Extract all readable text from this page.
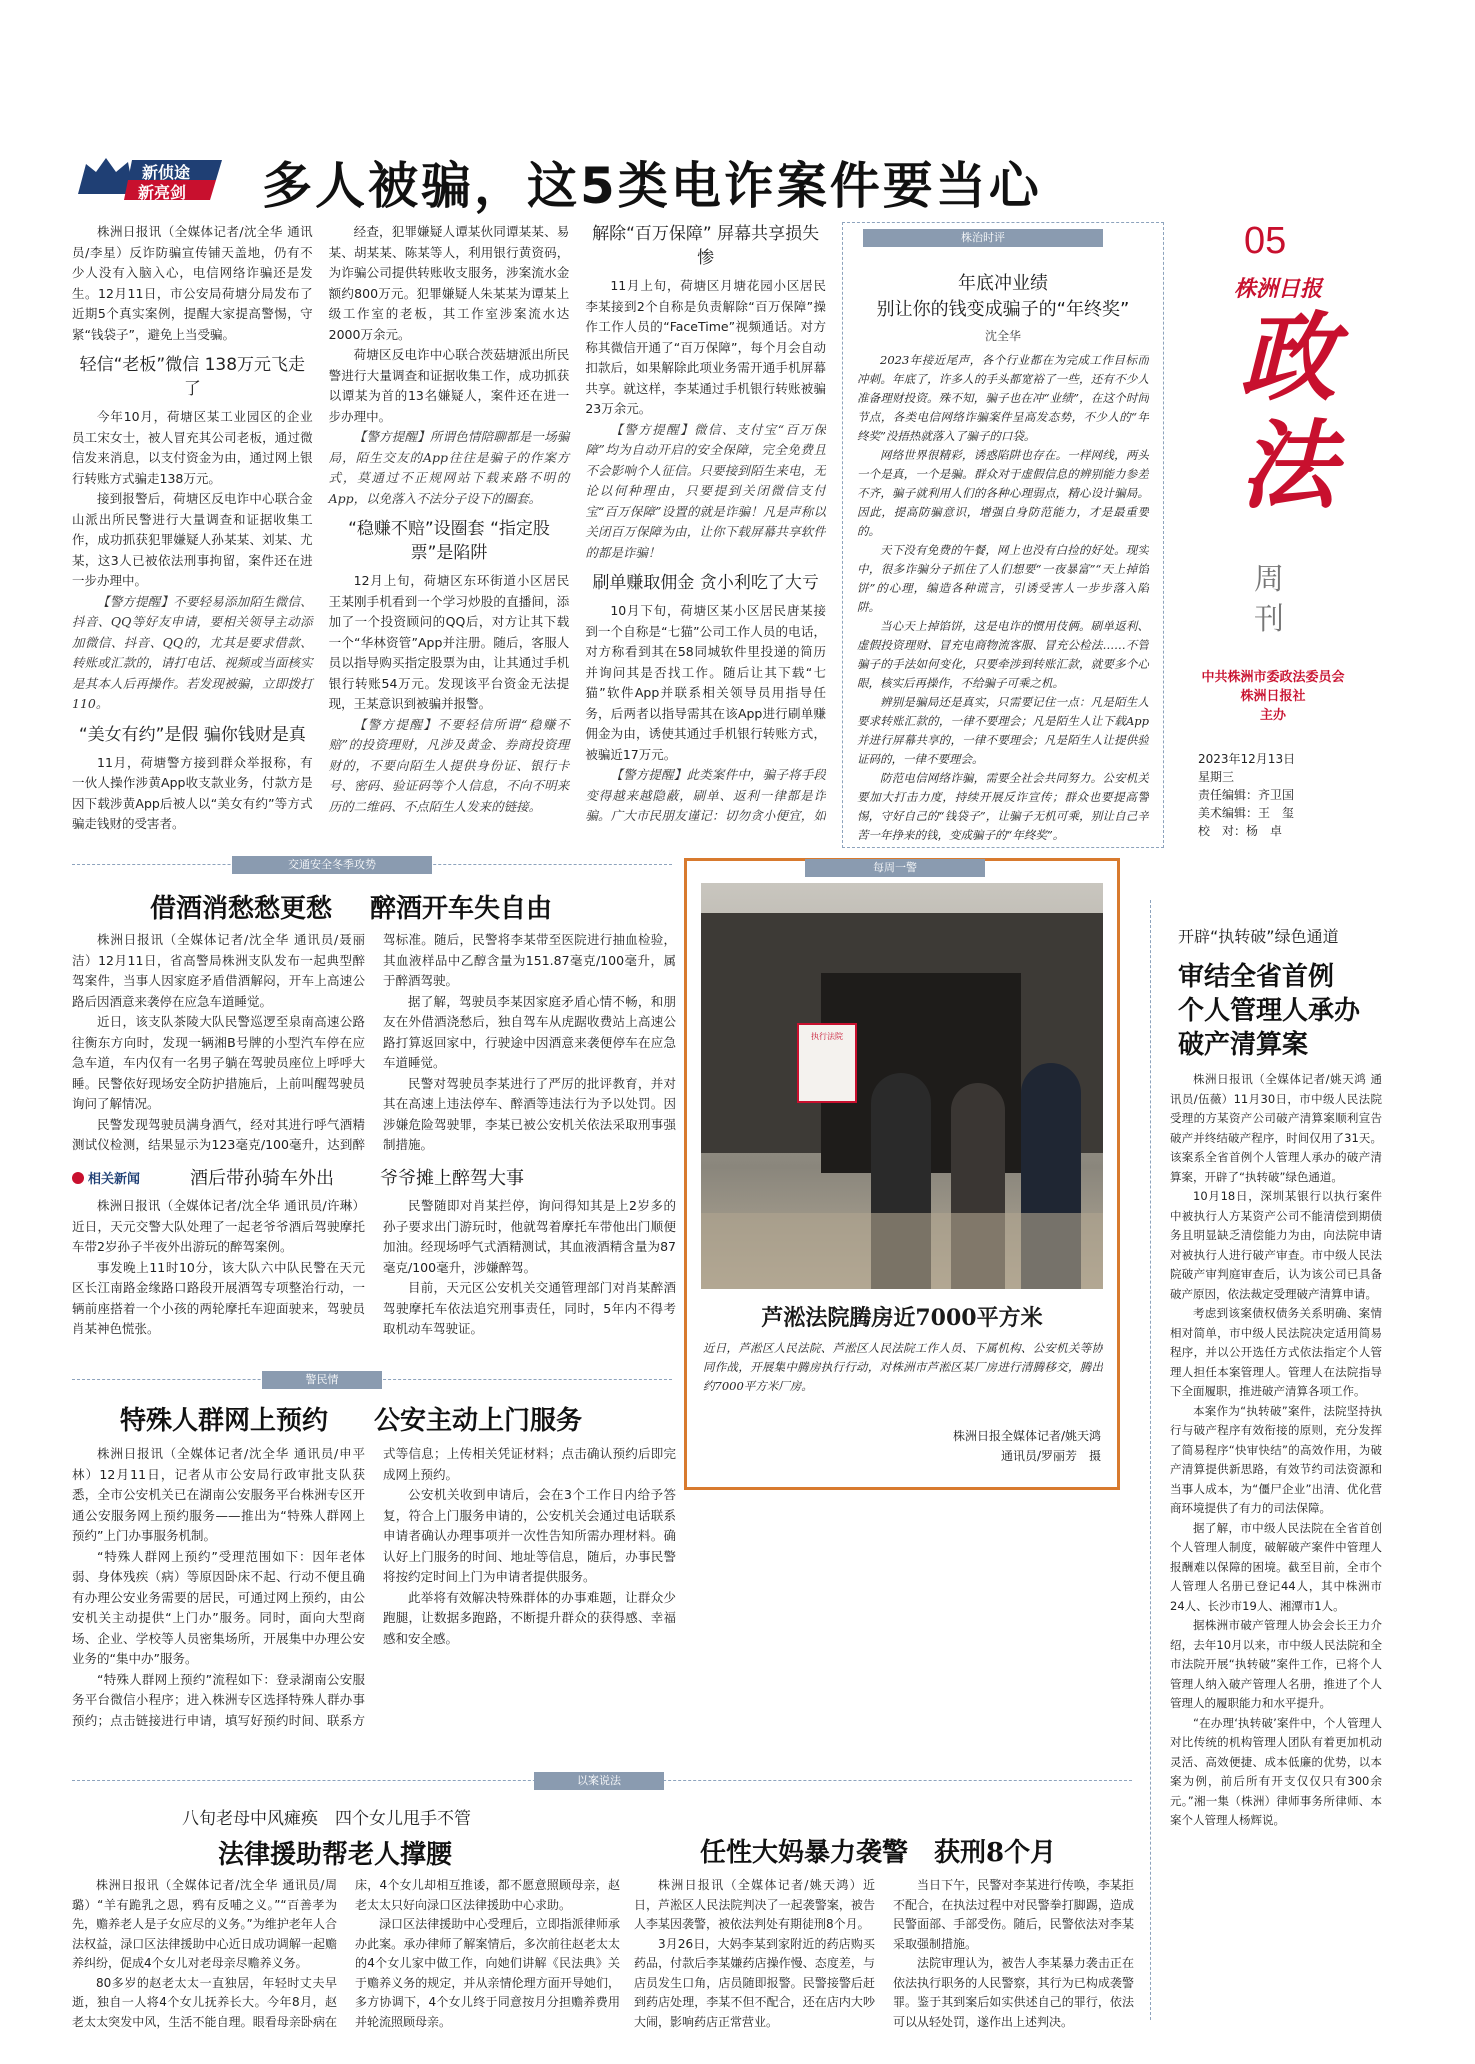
新侦途
新亮剑 多人被骗，这5类电诈案件要当心
05
株洲日报
政法
周刊
中共株洲市委政法委员会
株洲日报社
主办
2023年12月13日
星期三
责任编辑：齐卫国
美术编辑：王　玺
校　对：杨　卓

株洲日报讯（全媒体记者/沈全华 通讯员/李星）反诈防骗宣传铺天盖地，仍有不少人没有入脑入心，电信网络诈骗还是发生。12月11日，市公安局荷塘分局发布了近期5个真实案例，提醒大家提高警惕，守紧“钱袋子”，避免上当受骗。

轻信“老板”微信 138万元飞走了

今年10月，荷塘区某工业园区的企业员工宋女士，被人冒充其公司老板，通过微信发来消息，以支付资金为由，通过网上银行转账方式骗走138万元。

接到报警后，荷塘区反电诈中心联合金山派出所民警进行大量调查和证据收集工作，成功抓获犯罪嫌疑人孙某某、刘某、尤某，这3人已被依法刑事拘留，案件还在进一步办理中。

【警方提醒】不要轻易添加陌生微信、抖音、QQ等好友申请，要相关领导主动添加微信、抖音、QQ的，尤其是要求借款、转账或汇款的，请打电话、视频或当面核实是其本人后再操作。若发现被骗，立即拨打110。

“美女有约”是假 骗你钱财是真

11月，荷塘警方接到群众举报称，有一伙人操作涉黄App收支款业务，付款方是因下载涉黄App后被人以“美女有约”等方式骗走钱财的受害者。

经查，犯罪嫌疑人谭某伙同谭某某、易某、胡某某、陈某等人，利用银行黄资码，为诈骗公司提供转账收支服务，涉案流水金额约800万元。犯罪嫌疑人朱某某为谭某上级工作室的老板，其工作室涉案流水达2000万余元。

荷塘区反电诈中心联合茨菇塘派出所民警进行大量调查和证据收集工作，成功抓获以谭某为首的13名嫌疑人，案件还在进一步办理中。

【警方提醒】所谓色情陪聊都是一场骗局，陌生交友的App往往是骗子的作案方式，莫通过不正规网站下载来路不明的App，以免落入不法分子设下的圈套。

“稳赚不赔”设圈套 “指定股票”是陷阱

12月上旬，荷塘区东环街道小区居民王某刚手机看到一个学习炒股的直播间，添加了一个投资顾问的QQ后，对方让其下载一个“华林资管”App并注册。随后，客服人员以指导购买指定股票为由，让其通过手机银行转账54万元。发现该平台资金无法提现，王某意识到被骗并报警。

【警方提醒】不要轻信所谓“稳赚不赔”的投资理财，凡涉及黄金、券商投资理财的，不要向陌生人提供身份证、银行卡号、密码、验证码等个人信息，不向不明来历的二维码、不点陌生人发来的链接。

解除“百万保障” 屏幕共享损失惨

11月上旬，荷塘区月塘花园小区居民李某接到2个自称是负责解除“百万保障”操作工作人员的“FaceTime”视频通话。对方称其微信开通了“百万保障”，每个月会自动扣款后，如果解除此项业务需开通手机屏幕共享。就这样，李某通过手机银行转账被骗23万余元。

【警方提醒】微信、支付宝“百万保障”均为自动开启的安全保障，完全免费且不会影响个人征信。只要接到陌生来电，无论以何种理由，只要提到关闭微信支付宝“百万保障”设置的就是诈骗！凡是声称以关闭百万保障为由，让你下载屏幕共享软件的都是诈骗！

刷单赚取佣金 贪小利吃了大亏

10月下旬，荷塘区某小区居民唐某接到一个自称是“七猫”公司工作人员的电话，对方称看到其在58同城软件里投递的简历并询问其是否找工作。随后让其下载“七猫”软件App并联系相关领导员用指导任务，后两者以指导需其在该App进行刷单赚佣金为由，诱使其通过手机银行转账方式，被骗近17万元。

【警方提醒】此类案件中，骗子将手段变得越来越隐蔽，刷单、返利一律都是诈骗。广大市民朋友谨记：切勿贪小便宜，如

株治时评
年底冲业绩
别让你的钱变成骗子的“年终奖”
沈全华

2023年接近尾声，各个行业都在为完成工作目标而冲刺。年底了，许多人的手头都宽裕了一些，还有不少人准备理财投资。殊不知，骗子也在冲“业绩”，在这个时间节点，各类电信网络诈骗案件呈高发态势，不少人的“年终奖”没捂热就落入了骗子的口袋。

网络世界很精彩，诱惑陷阱也存在。一样网线，两头一个是真，一个是骗。群众对于虚假信息的辨别能力参差不齐，骗子就利用人们的各种心理弱点，精心设计骗局。因此，提高防骗意识，增强自身防范能力，才是最重要的。

天下没有免费的午餐，网上也没有白捡的好处。现实中，很多诈骗分子抓住了人们想要“一夜暴富”“天上掉馅饼”的心理，编造各种谎言，引诱受害人一步步落入陷阱。

当心天上掉馅饼，这是电诈的惯用伎俩。刷单返利、虚假投资理财、冒充电商物流客服、冒充公检法……不管骗子的手法如何变化，只要牵涉到转账汇款，就要多个心眼，核实后再操作，不给骗子可乘之机。

辨别是骗局还是真实，只需要记住一点：凡是陌生人要求转账汇款的，一律不要理会；凡是陌生人让下载App并进行屏幕共享的，一律不要理会；凡是陌生人让提供验证码的，一律不要理会。

防范电信网络诈骗，需要全社会共同努力。公安机关要加大打击力度，持续开展反诈宣传；群众也要提高警惕，守好自己的“钱袋子”，让骗子无机可乘，别让自己辛苦一年挣来的钱，变成骗子的“年终奖”。

交通安全冬季攻势
借酒消愁愁更愁 醉酒开车失自由

株洲日报讯（全媒体记者/沈全华 通讯员/聂丽洁）12月11日，省高警局株洲支队发布一起典型醉驾案件，当事人因家庭矛盾借酒解闷，开车上高速公路后因酒意来袭停在应急车道睡觉。

近日，该支队茶陵大队民警巡逻至泉南高速公路往衡东方向时，发现一辆湘B号牌的小型汽车停在应急车道，车内仅有一名男子躺在驾驶员座位上呼呼大睡。民警依好现场安全防护措施后，上前叫醒驾驶员询问了解情况。

民警发现驾驶员满身酒气，经对其进行呼气酒精测试仪检测，结果显示为123毫克/100毫升，达到醉驾标准。随后，民警将李某带至医院进行抽血检验，其血液样品中乙醇含量为151.87毫克/100毫升，属于醉酒驾驶。

据了解，驾驶员李某因家庭矛盾心情不畅，和朋友在外借酒浇愁后，独自驾车从虎踞收费站上高速公路打算返回家中，行驶途中因酒意来袭便停车在应急车道睡觉。

民警对驾驶员李某进行了严厉的批评教育，并对其在高速上违法停车、醉酒等违法行为予以处罚。因涉嫌危险驾驶罪，李某已被公安机关依法采取刑事强制措施。

相关新闻	酒后带孙骑车外出	爷爷摊上醉驾大事

株洲日报讯（全媒体记者/沈全华 通讯员/许琳）近日，天元交警大队处理了一起老爷爷酒后驾驶摩托车带2岁孙子半夜外出游玩的醉驾案例。

事发晚上11时10分，该大队六中队民警在天元区长江南路金缘路口路段开展酒驾专项整治行动，一辆前座搭着一个小孩的两轮摩托车迎面驶来，驾驶员肖某神色慌张。

民警随即对肖某拦停，询问得知其是上2岁多的孙子要求出门游玩时，他就驾着摩托车带他出门顺便加油。经现场呼气式酒精测试，其血液酒精含量为87毫克/100毫升，涉嫌醉驾。

目前，天元区公安机关交通管理部门对肖某醉酒驾驶摩托车依法追究刑事责任，同时，5年内不得考取机动车驾驶证。

每周一警
执行法院
芦淞法院腾房近7000平方米
近日，芦淞区人民法院、芦淞区人民法院工作人员、下属机构、公安机关等协同作战，开展集中腾房执行行动，对株洲市芦淞区某厂房进行清腾移交，腾出约7000平方米厂房。
株洲日报全媒体记者/姚天鸿
通讯员/罗丽芳　摄
警民情
特殊人群网上预约 公安主动上门服务

株洲日报讯（全媒体记者/沈全华 通讯员/申平林）12月11日，记者从市公安局行政审批支队获悉，全市公安机关已在湖南公安服务平台株洲专区开通公安服务网上预约服务——推出为“特殊人群网上预约”上门办事服务机制。

“特殊人群网上预约”受理范围如下：因年老体弱、身体残疾（病）等原因卧床不起、行动不便且确有办理公安业务需要的居民，可通过网上预约，由公安机关主动提供“上门办”服务。同时，面向大型商场、企业、学校等人员密集场所，开展集中办理公安业务的“集中办”服务。

“特殊人群网上预约”流程如下：登录湖南公安服务平台微信小程序；进入株洲专区选择特殊人群办事预约；点击链接进行申请，填写好预约时间、联系方式等信息；上传相关凭证材料；点击确认预约后即完成网上预约。

公安机关收到申请后，会在3个工作日内给予答复，符合上门服务申请的，公安机关会通过电话联系申请者确认办理事项并一次性告知所需办理材料。确认好上门服务的时间、地址等信息，随后，办事民警将按约定时间上门为申请者提供服务。

此举将有效解决特殊群体的办事难题，让群众少跑腿，让数据多跑路，不断提升群众的获得感、幸福感和安全感。

开辟“执转破”绿色通道
审结全省首例
个人管理人承办
破产清算案

株洲日报讯（全媒体记者/姚天鸿 通讯员/伍薇）11月30日，市中级人民法院受理的方某资产公司破产清算案顺利宣告破产并终结破产程序，时间仅用了31天。该案系全省首例个人管理人承办的破产清算案，开辟了“执转破”绿色通道。

10月18日，深圳某银行以执行案件中被执行人方某资产公司不能清偿到期债务且明显缺乏清偿能力为由，向法院申请对被执行人进行破产审查。市中级人民法院破产审判庭审查后，认为该公司已具备破产原因，依法裁定受理破产清算申请。

考虑到该案债权债务关系明确、案情相对简单，市中级人民法院决定适用简易程序，并以公开选任方式依法指定个人管理人担任本案管理人。管理人在法院指导下全面履职，推进破产清算各项工作。

本案作为“执转破”案件，法院坚持执行与破产程序有效衔接的原则，充分发挥了简易程序“快审快结”的高效作用，为破产清算提供新思路，有效节约司法资源和当事人成本，为“僵尸企业”出清、优化营商环境提供了有力的司法保障。

据了解，市中级人民法院在全省首创个人管理人制度，破解破产案件中管理人报酬难以保障的困境。截至目前，全市个人管理人名册已登记44人，其中株洲市24人、长沙市19人、湘潭市1人。

据株洲市破产管理人协会会长王力介绍，去年10月以来，市中级人民法院和全市法院开展“执转破”案件工作，已将个人管理人纳入破产管理人名册，推进了个人管理人的履职能力和水平提升。

“在办理‘执转破’案件中，个人管理人对比传统的机构管理人团队有着更加机动灵活、高效便捷、成本低廉的优势，以本案为例，前后所有开支仅仅只有300余元。”湘一集（株洲）律师事务所律师、本案个人管理人杨辉说。

以案说法
八旬老母中风瘫痪　四个女儿甩手不管
法律援助帮老人撑腰

株洲日报讯（全媒体记者/沈全华 通讯员/周璐）“羊有跪乳之恩，鸦有反哺之义。”“百善孝为先，赡养老人是子女应尽的义务。”为维护老年人合法权益，渌口区法律援助中心近日成功调解一起赡养纠纷，促成4个女儿对老母亲尽赡养义务。

80多岁的赵老太太一直独居，年轻时丈夫早逝，独自一人将4个女儿抚养长大。今年8月，赵老太太突发中风，生活不能自理。眼看母亲卧病在床，4个女儿却相互推诿，都不愿意照顾母亲，赵老太太只好向渌口区法律援助中心求助。

渌口区法律援助中心受理后，立即指派律师承办此案。承办律师了解案情后，多次前往赵老太太的4个女儿家中做工作，向她们讲解《民法典》关于赡养义务的规定，并从亲情伦理方面开导她们，多方协调下，4个女儿终于同意按月分担赡养费用并轮流照顾母亲。

任性大妈暴力袭警　获刑8个月

株洲日报讯（全媒体记者/姚天鸿）近日，芦淞区人民法院判决了一起袭警案，被告人李某因袭警，被依法判处有期徒刑8个月。

3月26日，大妈李某到家附近的药店购买药品，付款后李某嫌药店操作慢、态度差，与店员发生口角，店员随即报警。民警接警后赶到药店处理，李某不但不配合，还在店内大吵大闹，影响药店正常营业。

当日下午，民警对李某进行传唤，李某拒不配合，在执法过程中对民警拳打脚踢，造成民警面部、手部受伤。随后，民警依法对李某采取强制措施。

法院审理认为，被告人李某暴力袭击正在依法执行职务的人民警察，其行为已构成袭警罪。鉴于其到案后如实供述自己的罪行，依法可以从轻处罚，遂作出上述判决。
